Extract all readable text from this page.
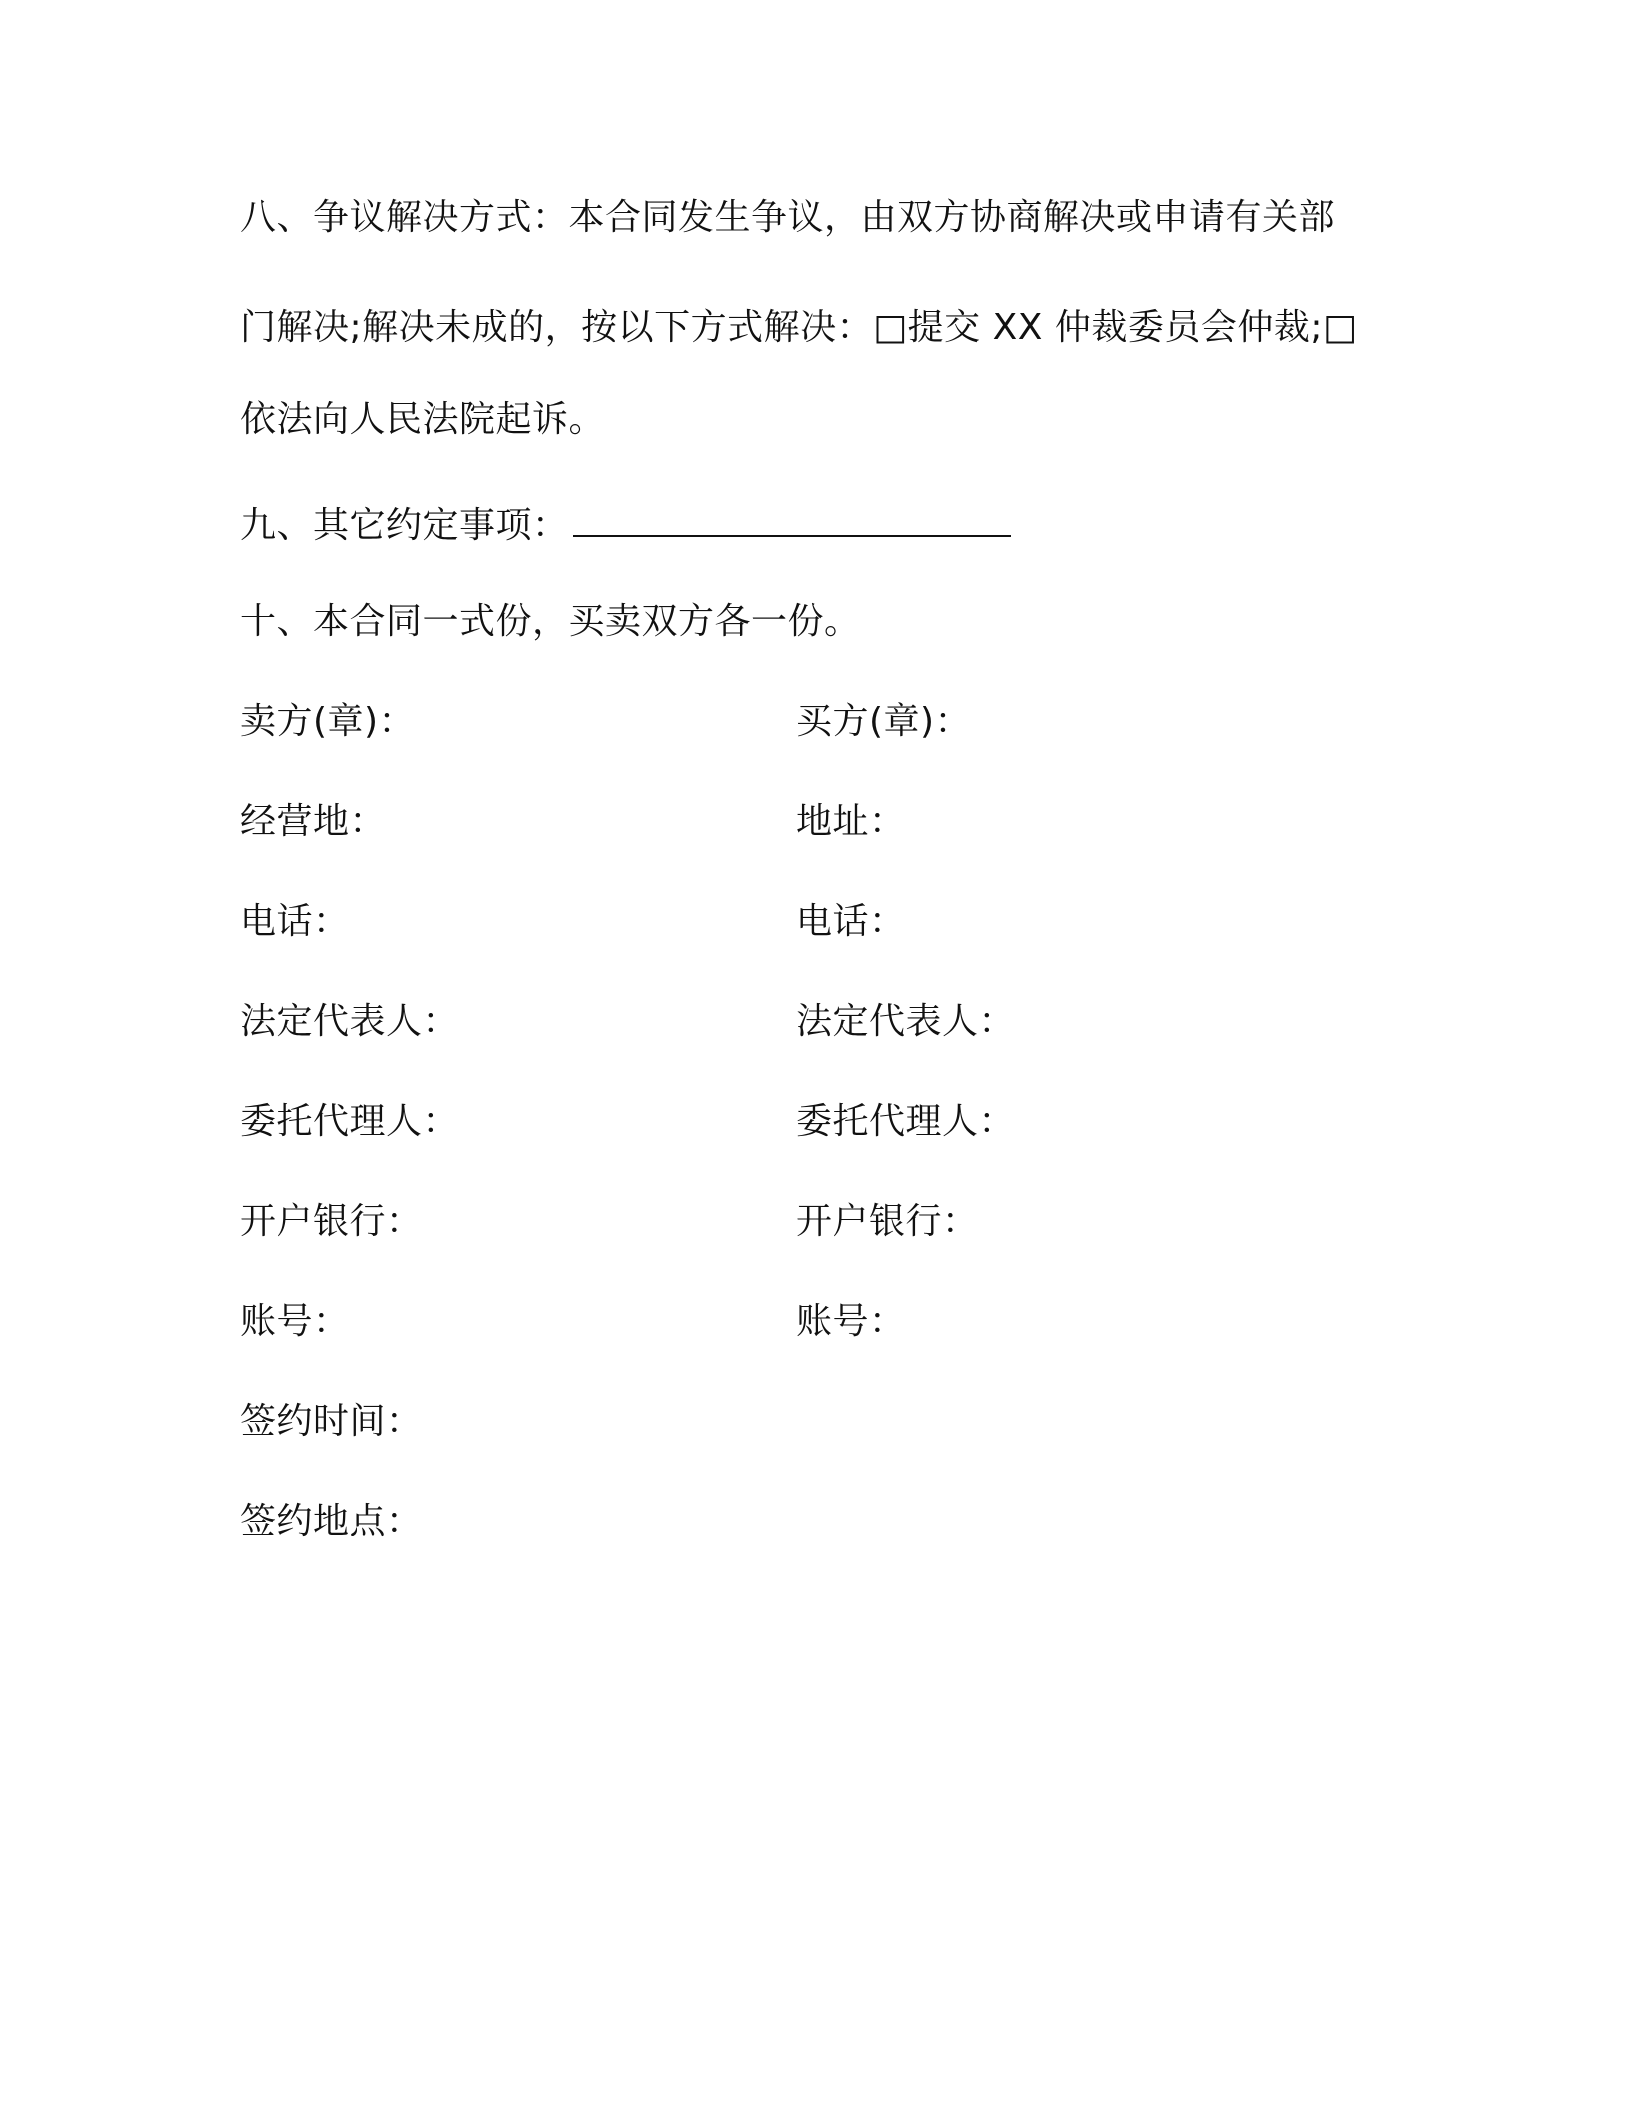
八、争议解决方式：本合同发生争议，由双方协商解决或申请有关部
门解决;解决未成的，按以下方式解决：□提交 XX 仲裁委员会仲裁;□
依法向人民法院起诉。
九、其它约定事项：
十、本合同一式份，买卖双方各一份。
卖方(章)：	买方(章)：
经营地：	地址：
电话：	电话：
法定代表人：	法定代表人：
委托代理人：	委托代理人：
开户银行：	开户银行：
账号：	账号：
签约时间：
签约地点：
